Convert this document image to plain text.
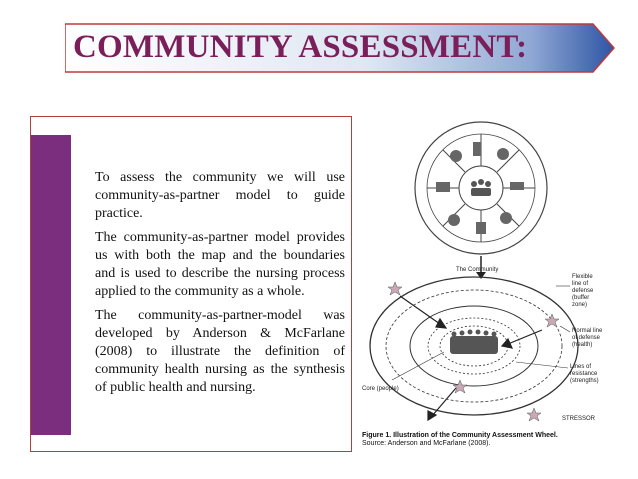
COMMUNITY ASSESSMENT:

To assess the community we will use community-as-partner model to guide practice.

The community-as-partner model provides us with both the map and the boundaries and is used to describe the nursing process applied to the community as a whole.

The community-as-partner-model was developed by Anderson & McFarlane (2008) to illustrate the definition of community health nursing as the synthesis of public health and nursing.

The Community
Flexible line of defense (buffer zone)
Normal line of defense (health)
Lines of resistance (strengths)
Core (people)
STRESSOR
Figure 1. Illustration of the Community Assessment Wheel.
Source: Anderson and McFarlane (2008).
